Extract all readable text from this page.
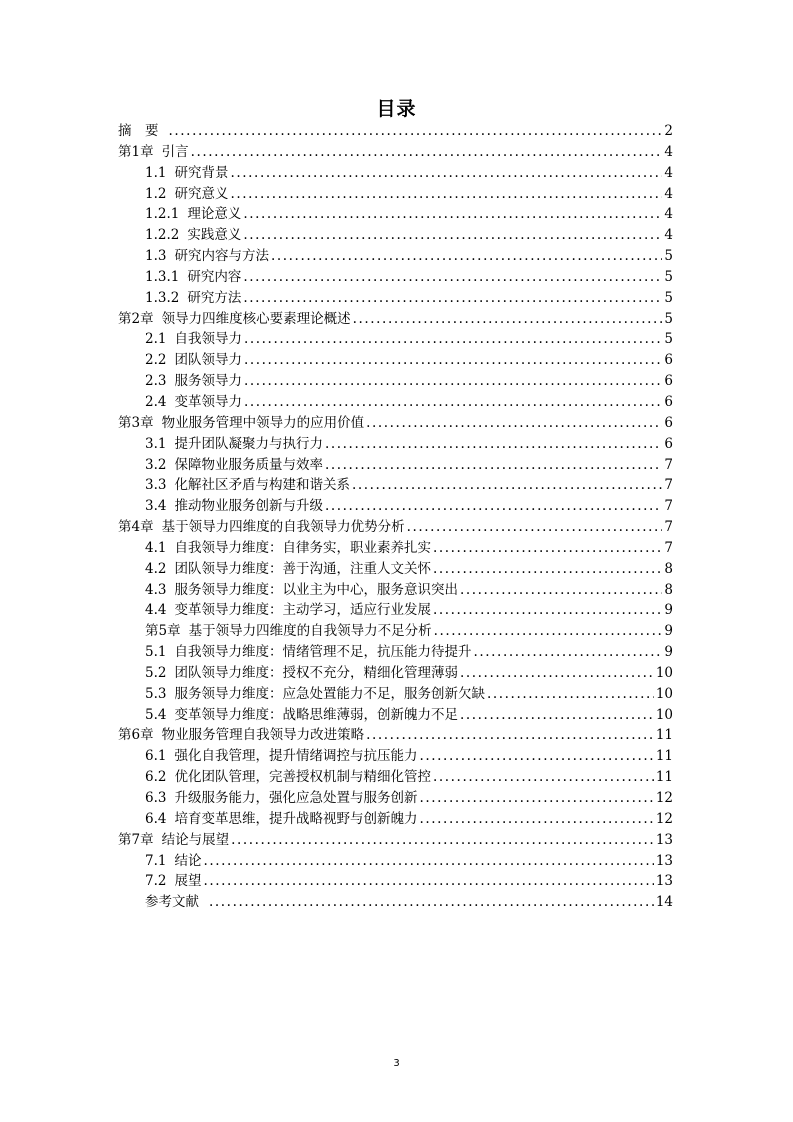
目录
摘　要 .....	2
第1章 引言 .....	4
1.1 研究背景 .....	4
1.2 研究意义 .....	4
1.2.1 理论意义 .....	4
1.2.2 实践意义 .....	4
1.3 研究内容与方法 .....	5
1.3.1 研究内容 .....	5
1.3.2 研究方法 .....	5
第2章 领导力四维度核心要素理论概述 .....	5
2.1 自我领导力 .....	5
2.2 团队领导力 .....	6
2.3 服务领导力 .....	6
2.4 变革领导力 .....	6
第3章 物业服务管理中领导力的应用价值 .....	6
3.1 提升团队凝聚力与执行力 .....	6
3.2 保障物业服务质量与效率 .....	7
3.3 化解社区矛盾与构建和谐关系 .....	7
3.4 推动物业服务创新与升级 .....	7
第4章 基于领导力四维度的自我领导力优势分析 .....	7
4.1 自我领导力维度：自律务实，职业素养扎实 .....	7
4.2 团队领导力维度：善于沟通，注重人文关怀 .....	8
4.3 服务领导力维度：以业主为中心，服务意识突出 .....	8
4.4 变革领导力维度：主动学习，适应行业发展 .....	9
第5章 基于领导力四维度的自我领导力不足分析 .....	9
5.1 自我领导力维度：情绪管理不足，抗压能力待提升 .....	9
5.2 团队领导力维度：授权不充分，精细化管理薄弱 .....	10
5.3 服务领导力维度：应急处置能力不足，服务创新欠缺 .....	10
5.4 变革领导力维度：战略思维薄弱，创新魄力不足 .....	10
第6章 物业服务管理自我领导力改进策略 .....	11
6.1 强化自我管理，提升情绪调控与抗压能力 .....	11
6.2 优化团队管理，完善授权机制与精细化管控 .....	11
6.3 升级服务能力，强化应急处置与服务创新 .....	12
6.4 培育变革思维，提升战略视野与创新魄力 .....	12
第7章 结论与展望 .....	13
7.1 结论 .....	13
7.2 展望 .....	13
参考文献 .....	14
3
